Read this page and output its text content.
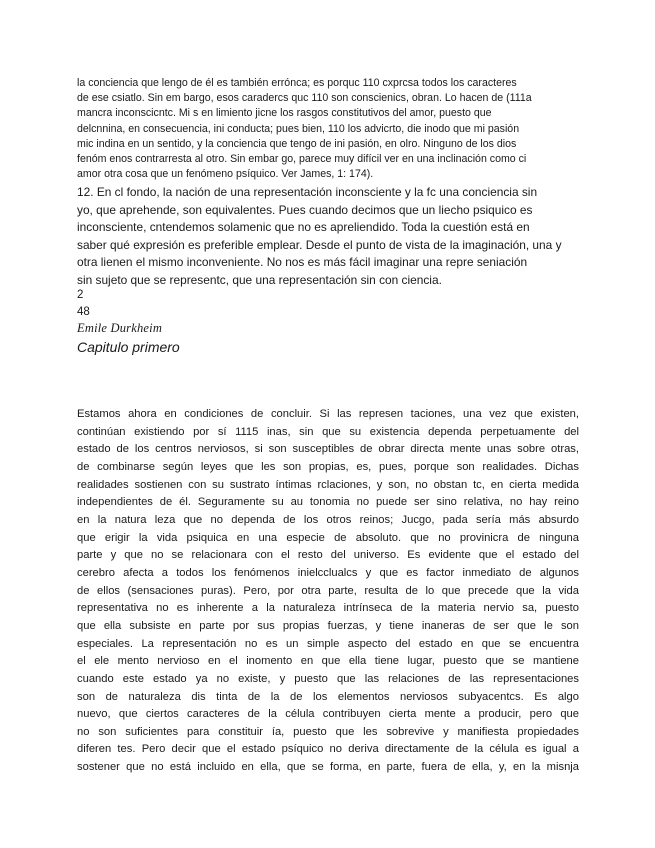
la conciencia que lengo de él es también errónca; es porquc 110 cxprcsa todos los caracteres
de ese csiatlo. Sin em bargo, esos caradercs quc 110 son conscienics, obran. Lo hacen de (111a
mancra inconscicntc. Mi s en limiento jicne los rasgos constitutivos del amor, puesto que
delcnnina, en consecuencia, ini conducta; pues bien, 110 los advicrto, die inodo que mi pasión
mic indina en un sentido, y la conciencia que tengo de ini pasión, en olro. Ninguno de los dios
fenóm enos contrarresta al otro. Sin embar go, parece muy difícil ver en una inclinación como ci
amor otra cosa que un fenómeno psíquico. Ver James, 1: 174).
12. En cl fondo, la nación de una representación inconsciente y la fc una conciencia sin
yo, que aprehende, son equivalentes. Pues cuando decimos que un liecho psiquico es
inconsciente, cntendemos solamenic que no es apreliendido. Toda la cuestión está en
saber qué expresión es preferible emplear. Desde el punto de vista de la imaginación, una y
otra lienen el mismo inconveniente. No nos es más fácil imaginar una repre seniación
sin sujeto que se representc, que una representación sin con ciencia.
2
48
Emile Durkheim
Capitulo primero
Estamos ahora en condiciones de concluir. Si las represen taciones, una vez que existen,
continúan existiendo por sí 1115 inas, sin que su existencia dependa perpetuamente del
estado de los centros nerviosos, si son susceptibles de obrar directa mente unas sobre otras,
de combinarse según leyes que les son propias, es, pues, porque son realidades. Dichas
realidades sostienen con su sustrato íntimas rclaciones, y son, no obstan tc, en cierta medida
independientes de él. Seguramente su au tonomia no puede ser sino relativa, no hay reino
en la natura leza que no dependa de los otros reinos; Jucgo, pada sería más absurdo
que erigir la vida psiquica en una especie de absoluto. que no provinicra de ninguna
parte y que no se relacionara con el resto del universo. Es evidente que el estado del
cerebro afecta a todos los fenómenos inielcclualcs y que es factor inmediato de algunos
de ellos (sensaciones puras). Pero, por otra parte, resulta de lo que precede que la vida
representativa no es inherente a la naturaleza intrínseca de la materia nervio sa, puesto
que ella subsiste en parte por sus propias fuerzas, y tiene inaneras de ser que le son
especiales. La representación no es un simple aspecto del estado en que se encuentra
el ele mento nervioso en el inomento en que ella tiene lugar, puesto que se mantiene
cuando este estado ya no existe, y puesto que las relaciones de las representaciones
son de naturaleza dis tinta de la de los elementos nerviosos subyacentcs. Es algo
nuevo, que ciertos caracteres de la célula contribuyen cierta mente a producir, pero que
no son suficientes para constituir ía, puesto que les sobrevive y manifiesta propiedades
diferen tes. Pero decir que el estado psíquico no deriva directamente de la célula es igual a
sostener que no está incluido en ella, que se forma, en parte, fuera de ella, y, en la misnja
